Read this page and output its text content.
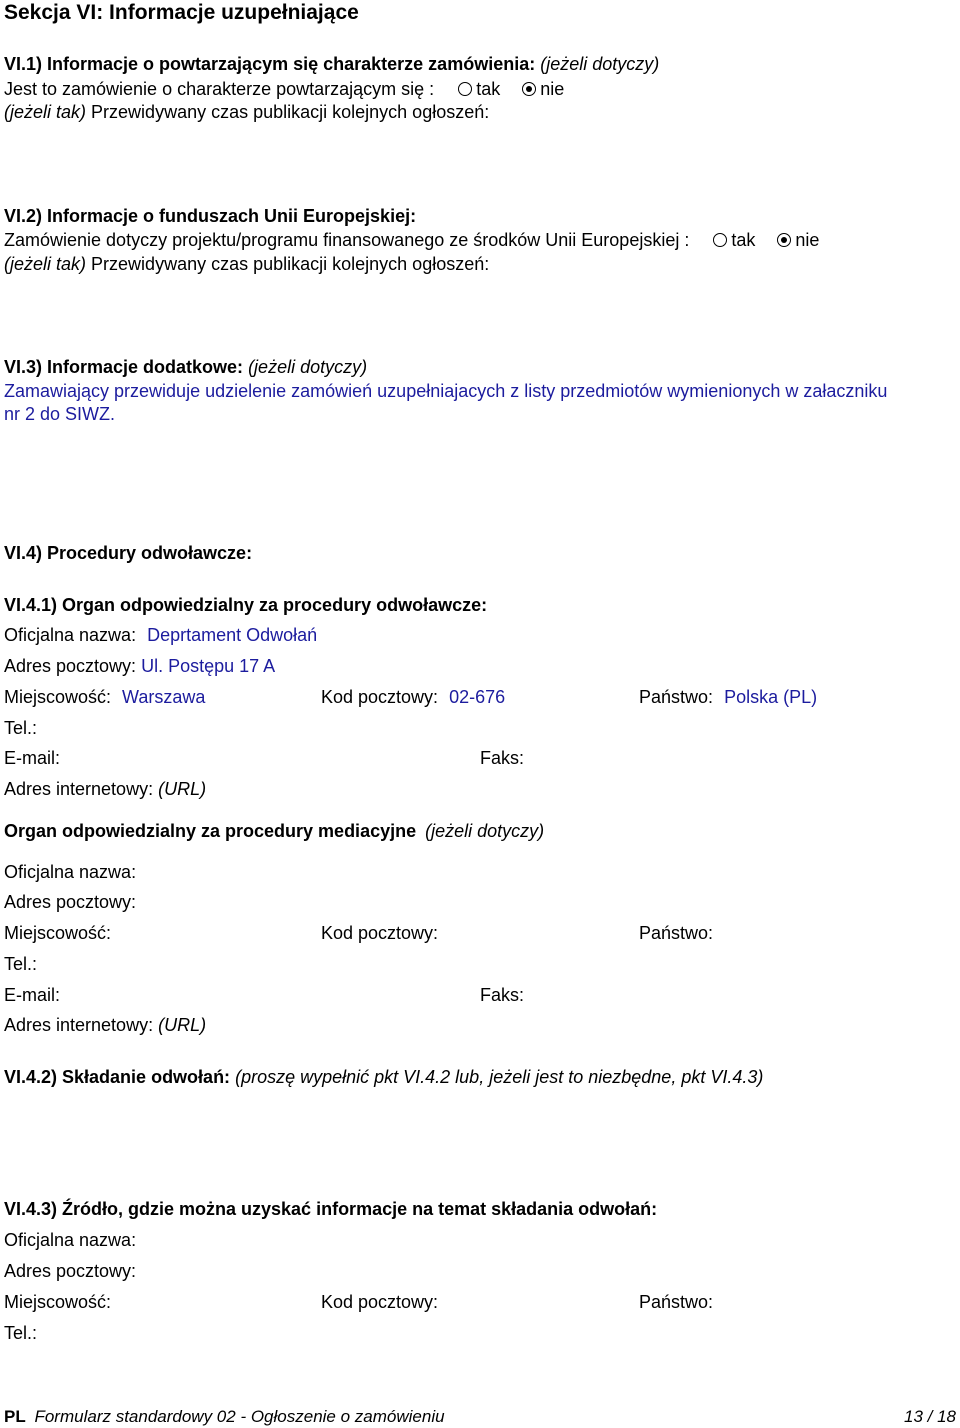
Sekcja VI: Informacje uzupełniające
VI.1) Informacje o powtarzającym się charakterze zamówienia: (jeżeli dotyczy)
Jest to zamówienie o charakterze powtarzającym się : tak nie
(jeżeli tak) Przewidywany czas publikacji kolejnych ogłoszeń:
VI.2) Informacje o funduszach Unii Europejskiej:
Zamówienie dotyczy projektu/programu finansowanego ze środków Unii Europejskiej : tak nie
(jeżeli tak) Przewidywany czas publikacji kolejnych ogłoszeń:
VI.3) Informacje dodatkowe: (jeżeli dotyczy)
Zamawiający przewiduje udzielenie zamówień uzupełniajacych z listy przedmiotów wymienionych w załaczniku
nr 2 do SIWZ.
VI.4) Procedury odwoławcze:
VI.4.1) Organ odpowiedzialny za procedury odwoławcze:
Oficjalna nazwa: Deprtament Odwołań
Adres pocztowy: Ul. Postępu 17 A
Miejscowość: Warszawa	Kod pocztowy: 02-676	Państwo: Polska (PL)
Tel.:
E-mail:	Faks:
Adres internetowy: (URL)
Organ odpowiedzialny za procedury mediacyjne (jeżeli dotyczy)
Oficjalna nazwa:
Adres pocztowy:
Miejscowość:	Kod pocztowy:	Państwo:
Tel.:
E-mail:	Faks:
Adres internetowy: (URL)
VI.4.2) Składanie odwołań: (proszę wypełnić pkt VI.4.2 lub, jeżeli jest to niezbędne, pkt VI.4.3)
VI.4.3) Źródło, gdzie można uzyskać informacje na temat składania odwołań:
Oficjalna nazwa:
Adres pocztowy:
Miejscowość:	Kod pocztowy:	Państwo:
Tel.:
PL Formularz standardowy 02 - Ogłoszenie o zamówieniu	13 / 18
